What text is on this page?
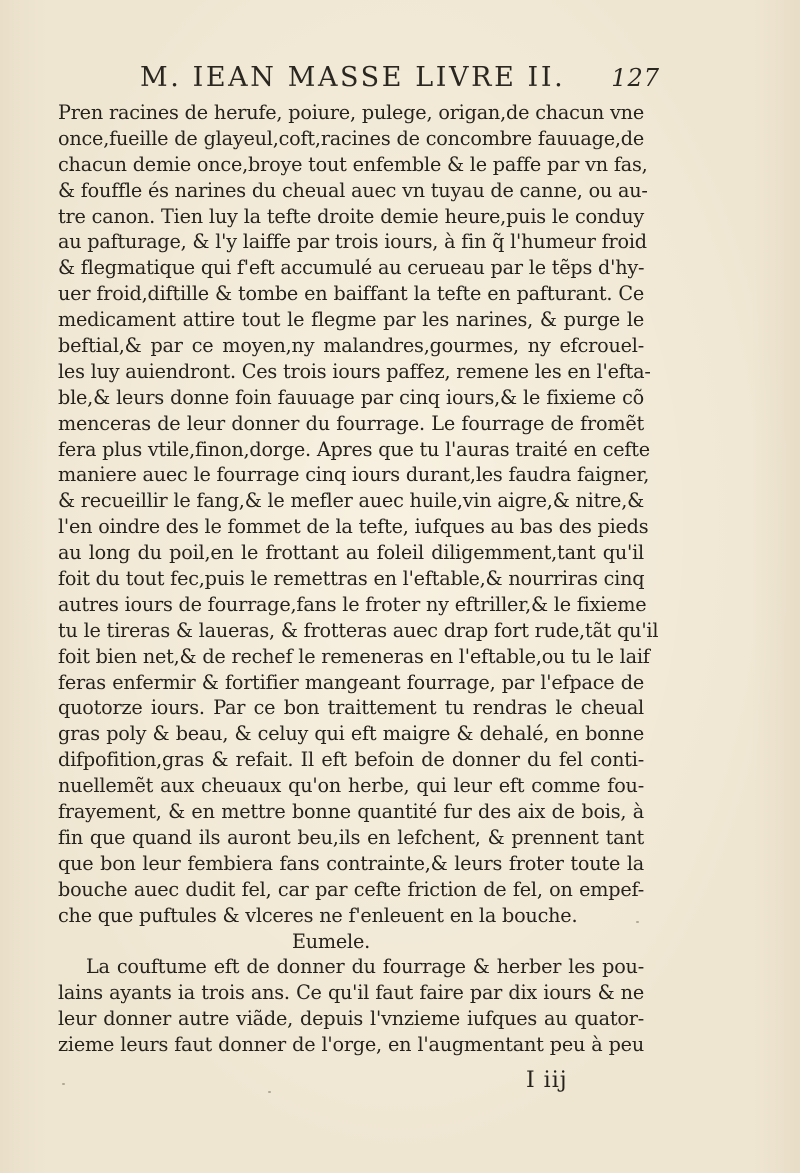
M. IEAN MASSE LIVRE II. 127
Pren racines de herufe, poiure, pulege, origan,de chacun vne
once,fueille de glayeul,coft,racines de concombre fauuage,de
chacun demie once,broye tout enfemble & le paffe par vn fas,
& fouffle és narines du cheual auec vn tuyau de canne, ou au-
tre canon. Tien luy la tefte droite demie heure,puis le conduy
au pafturage, & l'y laiffe par trois iours, à fin q̃ l'humeur froid
& flegmatique qui f'eft accumulé au cerueau par le tẽps d'hy-
uer froid,diftille & tombe en baiffant la tefte en pafturant. Ce
medicament attire tout le flegme par les narines, & purge le
beftial,& par ce moyen,ny malandres,gourmes, ny efcrouel-
les luy auiendront. Ces trois iours paffez, remene les en l'efta-
ble,& leurs donne foin fauuage par cinq iours,& le fixieme cõ
menceras de leur donner du fourrage. Le fourrage de fromẽt
fera plus vtile,finon,dorge. Apres que tu l'auras traité en cefte
maniere auec le fourrage cinq iours durant,les faudra faigner,
& recueillir le fang,& le mefler auec huile,vin aigre,& nitre,&
l'en oindre des le fommet de la tefte, iufques au bas des pieds
au long du poil,en le frottant au foleil diligemment,tant qu'il
foit du tout fec,puis le remettras en l'eftable,& nourriras cinq
autres iours de fourrage,fans le froter ny eftriller,& le fixieme
tu le tireras & laueras, & frotteras auec drap fort rude,tãt qu'il
foit bien net,& de rechef le remeneras en l'eftable,ou tu le laif
feras enfermir & fortifier mangeant fourrage, par l'efpace de
quotorze iours. Par ce bon traittement tu rendras le cheual
gras poly & beau, & celuy qui eft maigre & dehalé, en bonne
difpofition,gras & refait. Il eft befoin de donner du fel conti-
nuellemẽt aux cheuaux qu'on herbe, qui leur eft comme fou-
frayement, & en mettre bonne quantité fur des aix de bois, à
fin que quand ils auront beu,ils en lefchent, & prennent tant
que bon leur fembiera fans contrainte,& leurs froter toute la
bouche auec dudit fel, car par cefte friction de fel, on empef-
che que puftules & vlceres ne f'enleuent en la bouche.
Eumele.
La couftume eft de donner du fourrage & herber les pou-
lains ayants ia trois ans. Ce qu'il faut faire par dix iours & ne
leur donner autre viãde, depuis l'vnzieme iufques au quator-
zieme leurs faut donner de l'orge, en l'augmentant peu à peu
I iij
